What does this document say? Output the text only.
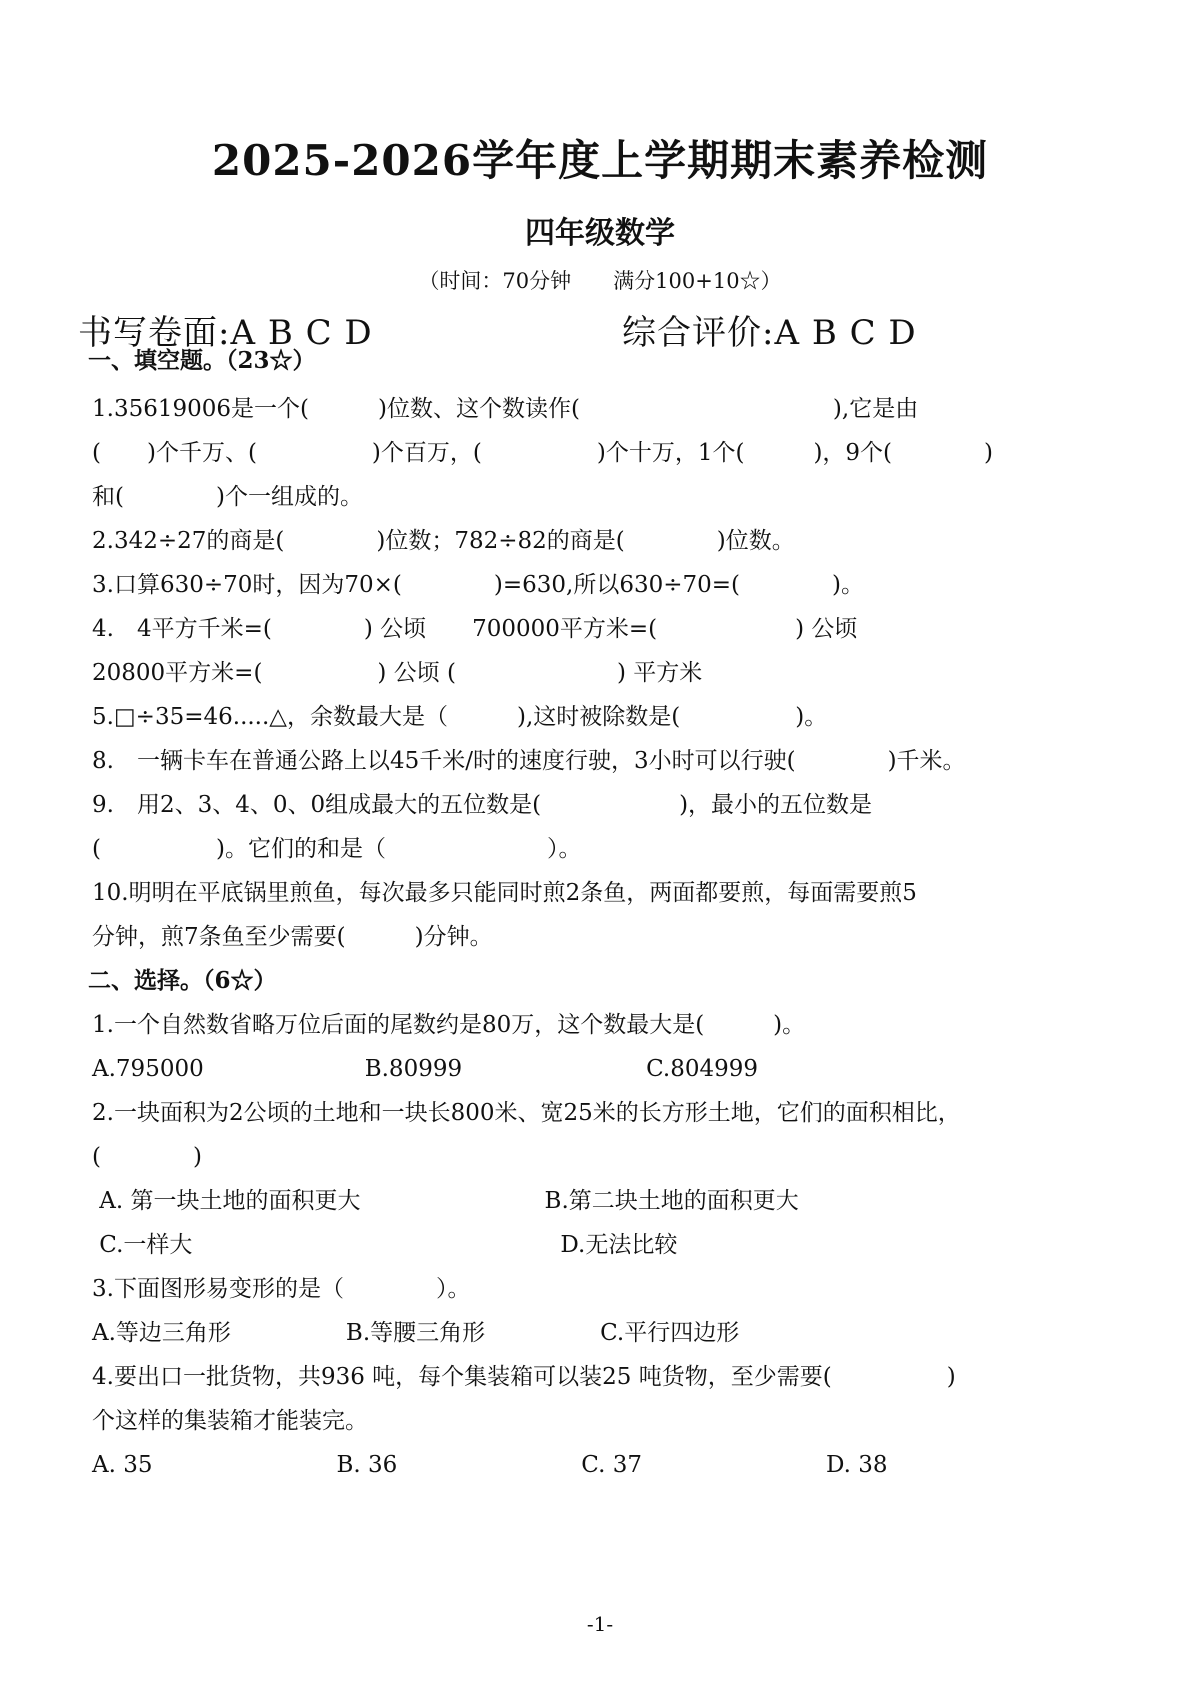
2025-2026学年度上学期期末素养检测
四年级数学
（时间：70分钟　　满分100+10☆）
书写卷面:A B C D	综合评价:A B C D
一、填空题。（23☆）
1.35619006是一个(　　　)位数、这个数读作(　　　　　　　　　　　),它是由
(　　)个千万、(　　　　　)个百万，(　　　　　)个十万，1个(　　　)，9个(　　　　)
和(　　　　)个一组成的。
2.342÷27的商是(　　　　)位数；782÷82的商是(　　　　)位数。
3.口算630÷70时，因为70×(　　　　)=630,所以630÷70=(　　　　)。
4.　4平方千米=(　　　　) 公顷　　700000平方米=(　　　　　　) 公顷
20800平方米=(　　　　　) 公顷 (　　　　　　　) 平方米
5.□÷35=46.....△，余数最大是（　　　),这时被除数是(　　　　　)。
8.　一辆卡车在普通公路上以45千米/时的速度行驶，3小时可以行驶(　　　　)千米。
9.　用2、3、4、0、0组成最大的五位数是(　　　　　　)，最小的五位数是
(　　　　　)。它们的和是（　　　　　　　）。
10.明明在平底锅里煎鱼，每次最多只能同时煎2条鱼，两面都要煎，每面需要煎5
分钟，煎7条鱼至少需要(　　　)分钟。
二、选择。（6☆）
1.一个自然数省略万位后面的尾数约是80万，这个数最大是(　　　)。
A.795000　　　　　　　B.80999　　　　　　　　C.804999
2.一块面积为2公顷的土地和一块长800米、宽25米的长方形土地，它们的面积相比，
(　　　　)
A. 第一块土地的面积更大　　　　　　　　B.第二块土地的面积更大
C.一样大　　　　　　　　　　　　　　　　D.无法比较
3.下面图形易变形的是（　　　　）。
A.等边三角形　　　　　B.等腰三角形　　　　　C.平行四边形
4.要出口一批货物，共936 吨，每个集装箱可以装25 吨货物，至少需要(　　　　　)
个这样的集装箱才能装完。
A. 35　　　　　　　　B. 36　　　　　　　　C. 37　　　　　　　　D. 38
-1-
